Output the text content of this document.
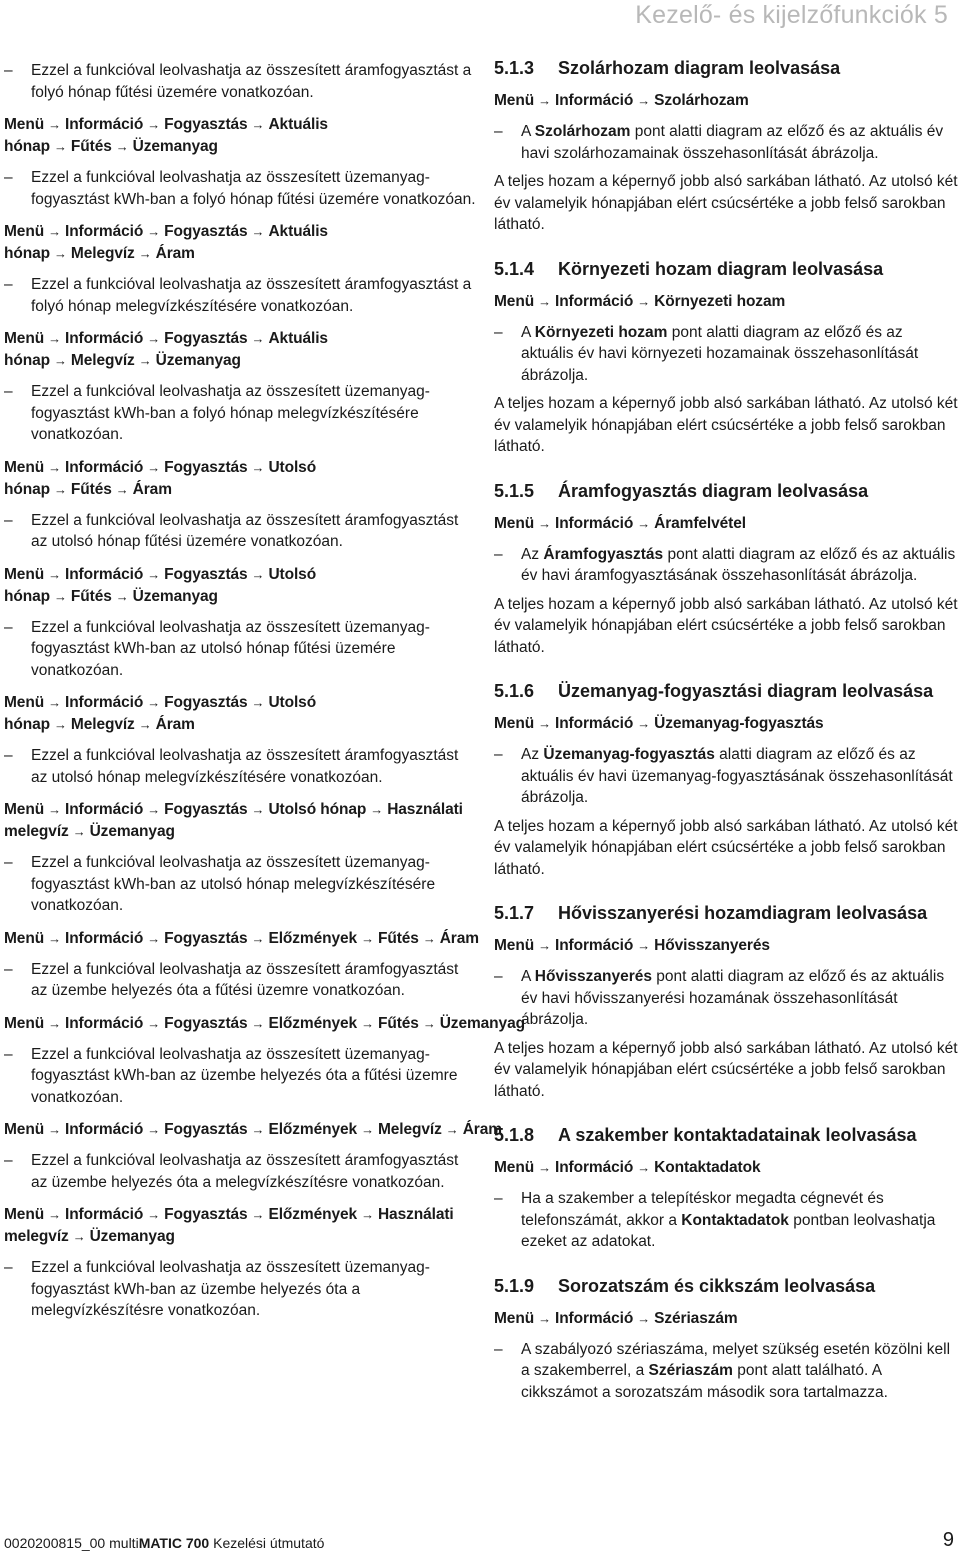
Kezelő- és kijelzőfunkciók 5
– Ezzel a funkcióval leolvashatja az összesített áramfogyasztást a folyó hónap fűtési üzemére vonatkozóan.
Menü → Információ → Fogyasztás → Aktuális hónap → Fűtés → Üzemanyag
– Ezzel a funkcióval leolvashatja az összesített üzemanyag-fogyasztást kWh-ban a folyó hónap fűtési üzemére vonatkozóan.
Menü → Információ → Fogyasztás → Aktuális hónap → Melegvíz → Áram
– Ezzel a funkcióval leolvashatja az összesített áramfogyasztást a folyó hónap melegvízkészítésére vonatkozóan.
Menü → Információ → Fogyasztás → Aktuális hónap → Melegvíz → Üzemanyag
– Ezzel a funkcióval leolvashatja az összesített üzemanyag-fogyasztást kWh-ban a folyó hónap melegvízkészítésére vonatkozóan.
Menü → Információ → Fogyasztás → Utolsó hónap → Fűtés → Áram
– Ezzel a funkcióval leolvashatja az összesített áramfogyasztást az utolsó hónap fűtési üzemére vonatkozóan.
Menü → Információ → Fogyasztás → Utolsó hónap → Fűtés → Üzemanyag
– Ezzel a funkcióval leolvashatja az összesített üzemanyag-fogyasztást kWh-ban az utolsó hónap fűtési üzemére vonatkozóan.
Menü → Információ → Fogyasztás → Utolsó hónap → Melegvíz → Áram
– Ezzel a funkcióval leolvashatja az összesített áramfogyasztást az utolsó hónap melegvízkészítésére vonatkozóan.
Menü → Információ → Fogyasztás → Utolsó hónap → Használati melegvíz → Üzemanyag
– Ezzel a funkcióval leolvashatja az összesített üzemanyag-fogyasztást kWh-ban az utolsó hónap melegvízkészítésére vonatkozóan.
Menü → Információ → Fogyasztás → Előzmények → Fűtés → Áram
– Ezzel a funkcióval leolvashatja az összesített áramfogyasztást az üzembe helyezés óta a fűtési üzemre vonatkozóan.
Menü → Információ → Fogyasztás → Előzmények → Fűtés → Üzemanyag
– Ezzel a funkcióval leolvashatja az összesített üzemanyag-fogyasztást kWh-ban az üzembe helyezés óta a fűtési üzemre vonatkozóan.
Menü → Információ → Fogyasztás → Előzmények → Melegvíz → Áram
– Ezzel a funkcióval leolvashatja az összesített áramfogyasztást az üzembe helyezés óta a melegvízkészítésre vonatkozóan.
Menü → Információ → Fogyasztás → Előzmények → Használati melegvíz → Üzemanyag
– Ezzel a funkcióval leolvashatja az összesített üzemanyag-fogyasztást kWh-ban az üzembe helyezés óta a melegvízkészítésre vonatkozóan.
5.1.3 Szolárhozam diagram leolvasása
Menü → Információ → Szolárhozam
– A Szolárhozam pont alatti diagram az előző és az aktuális év havi szolárhozamainak összehasonlítását ábrázolja.
A teljes hozam a képernyő jobb alsó sarkában látható. Az utolsó két év valamelyik hónapjában elért csúcsértéke a jobb felső sarokban látható.
5.1.4 Környezeti hozam diagram leolvasása
Menü → Információ → Környezeti hozam
– A Környezeti hozam pont alatti diagram az előző és az aktuális év havi környezeti hozamainak összehasonlítását ábrázolja.
A teljes hozam a képernyő jobb alsó sarkában látható. Az utolsó két év valamelyik hónapjában elért csúcsértéke a jobb felső sarokban látható.
5.1.5 Áramfogyasztás diagram leolvasása
Menü → Információ → Áramfelvétel
– Az Áramfogyasztás pont alatti diagram az előző és az aktuális év havi áramfogyasztásának összehasonlítását ábrázolja.
A teljes hozam a képernyő jobb alsó sarkában látható. Az utolsó két év valamelyik hónapjában elért csúcsértéke a jobb felső sarokban látható.
5.1.6 Üzemanyag-fogyasztási diagram leolvasása
Menü → Információ → Üzemanyag-fogyasztás
– Az Üzemanyag-fogyasztás alatti diagram az előző és az aktuális év havi üzemanyag-fogyasztásának összehasonlítását ábrázolja.
A teljes hozam a képernyő jobb alsó sarkában látható. Az utolsó két év valamelyik hónapjában elért csúcsértéke a jobb felső sarokban látható.
5.1.7 Hővisszanyerési hozamdiagram leolvasása
Menü → Információ → Hővisszanyerés
– A Hővisszanyerés pont alatti diagram az előző és az aktuális év havi hővisszanyerési hozamának összehasonlítását ábrázolja.
A teljes hozam a képernyő jobb alsó sarkában látható. Az utolsó két év valamelyik hónapjában elért csúcsértéke a jobb felső sarokban látható.
5.1.8 A szakember kontaktadatainak leolvasása
Menü → Információ → Kontaktadatok
– Ha a szakember a telepítéskor megadta cégnevét és telefonszámát, akkor a Kontaktadatok pontban leolvashatja ezeket az adatokat.
5.1.9 Sorozatszám és cikkszám leolvasása
Menü → Információ → Szériaszám
– A szabályozó szériaszáma, melyet szükség esetén közölni kell a szakemberrel, a Szériaszám pont alatt található. A cikkszámot a sorozatszám második sora tartalmazza.
0020200815_00 multiMATIC 700 Kezelési útmutató	9
